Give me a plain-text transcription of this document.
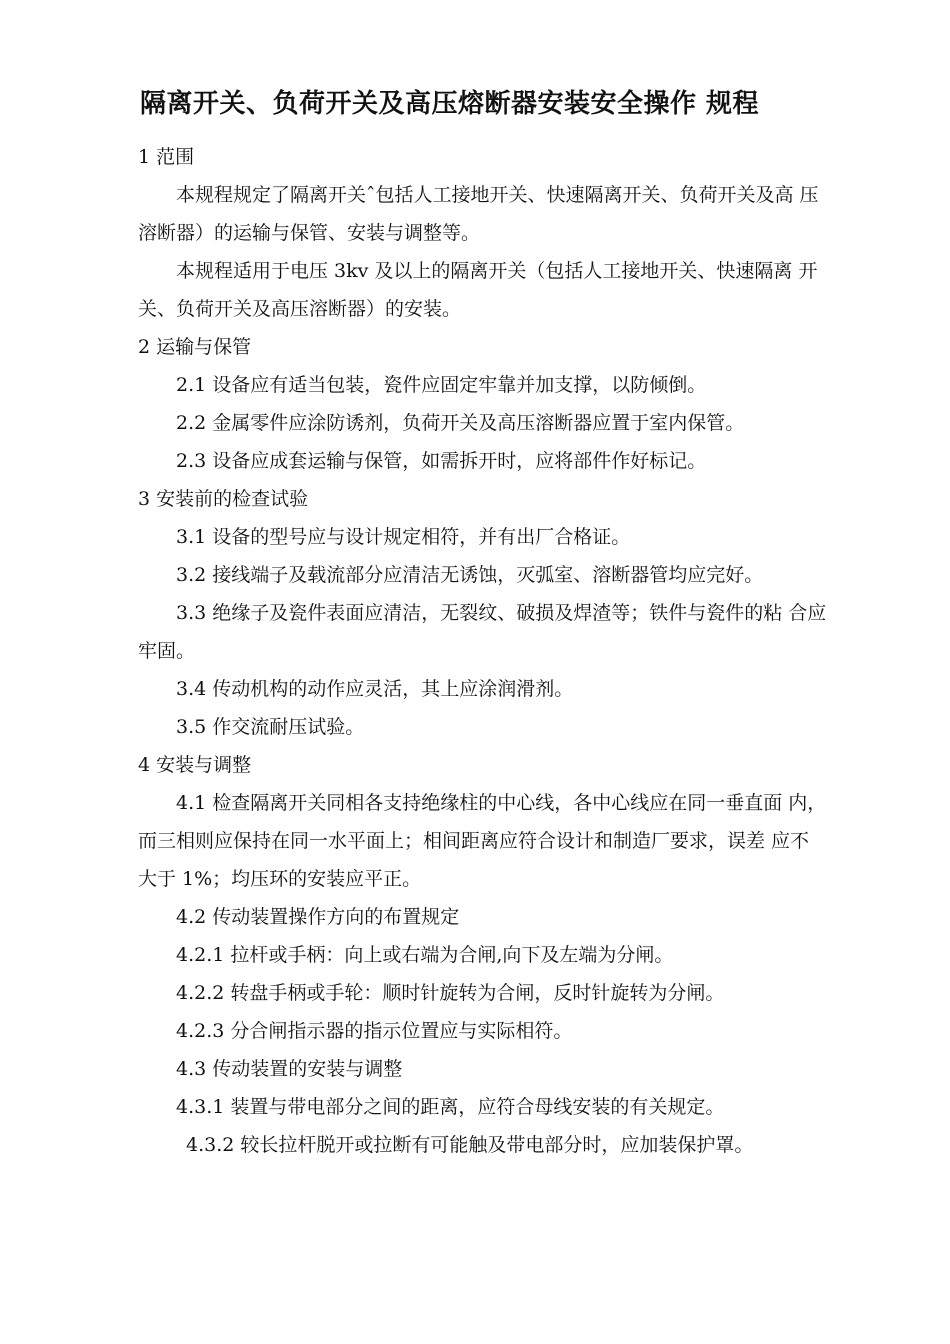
隔离开关、负荷开关及高压熔断器安装安全操作 规程

1 范围

本规程规定了隔离开关ˆ包括人工接地开关、快速隔离开关、负荷开关及高 压溶断器）的运输与保管、安装与调整等。

本规程适用于电压 3kv 及以上的隔离开关（包括人工接地开关、快速隔离 开关、负荷开关及高压溶断器）的安装。

2 运输与保管

2.1 设备应有适当包装，瓷件应固定牢靠并加支撑，以防倾倒。

2.2 金属零件应涂防诱剂，负荷开关及高压溶断器应置于室内保管。

2.3 设备应成套运输与保管，如需拆开时，应将部件作好标记。

3 安装前的检查试验

3.1 设备的型号应与设计规定相符，并有出厂合格证。

3.2 接线端子及载流部分应清洁无诱蚀，灭弧室、溶断器管均应完好。

3.3 绝缘子及瓷件表面应清洁，无裂纹、破损及焊渣等；铁件与瓷件的粘 合应牢固。

3.4 传动机构的动作应灵活，其上应涂润滑剂。

3.5 作交流耐压试验。

4 安装与调整

4.1 检查隔离开关同相各支持绝缘柱的中心线，各中心线应在同一垂直面 内，而三相则应保持在同一水平面上；相间距离应符合设计和制造厂要求，误差 应不大于 1%；均压环的安装应平正。

4.2 传动装置操作方向的布置规定

4.2.1 拉杆或手柄：向上或右端为合闸,向下及左端为分闸。

4.2.2 转盘手柄或手轮：顺时针旋转为合闸，反时针旋转为分闸。

4.2.3 分合闸指示器的指示位置应与实际相符。

4.3 传动装置的安装与调整

4.3.1 装置与带电部分之间的距离，应符合母线安装的有关规定。

4.3.2 较长拉杆脱开或拉断有可能触及带电部分时，应加装保护罩。
